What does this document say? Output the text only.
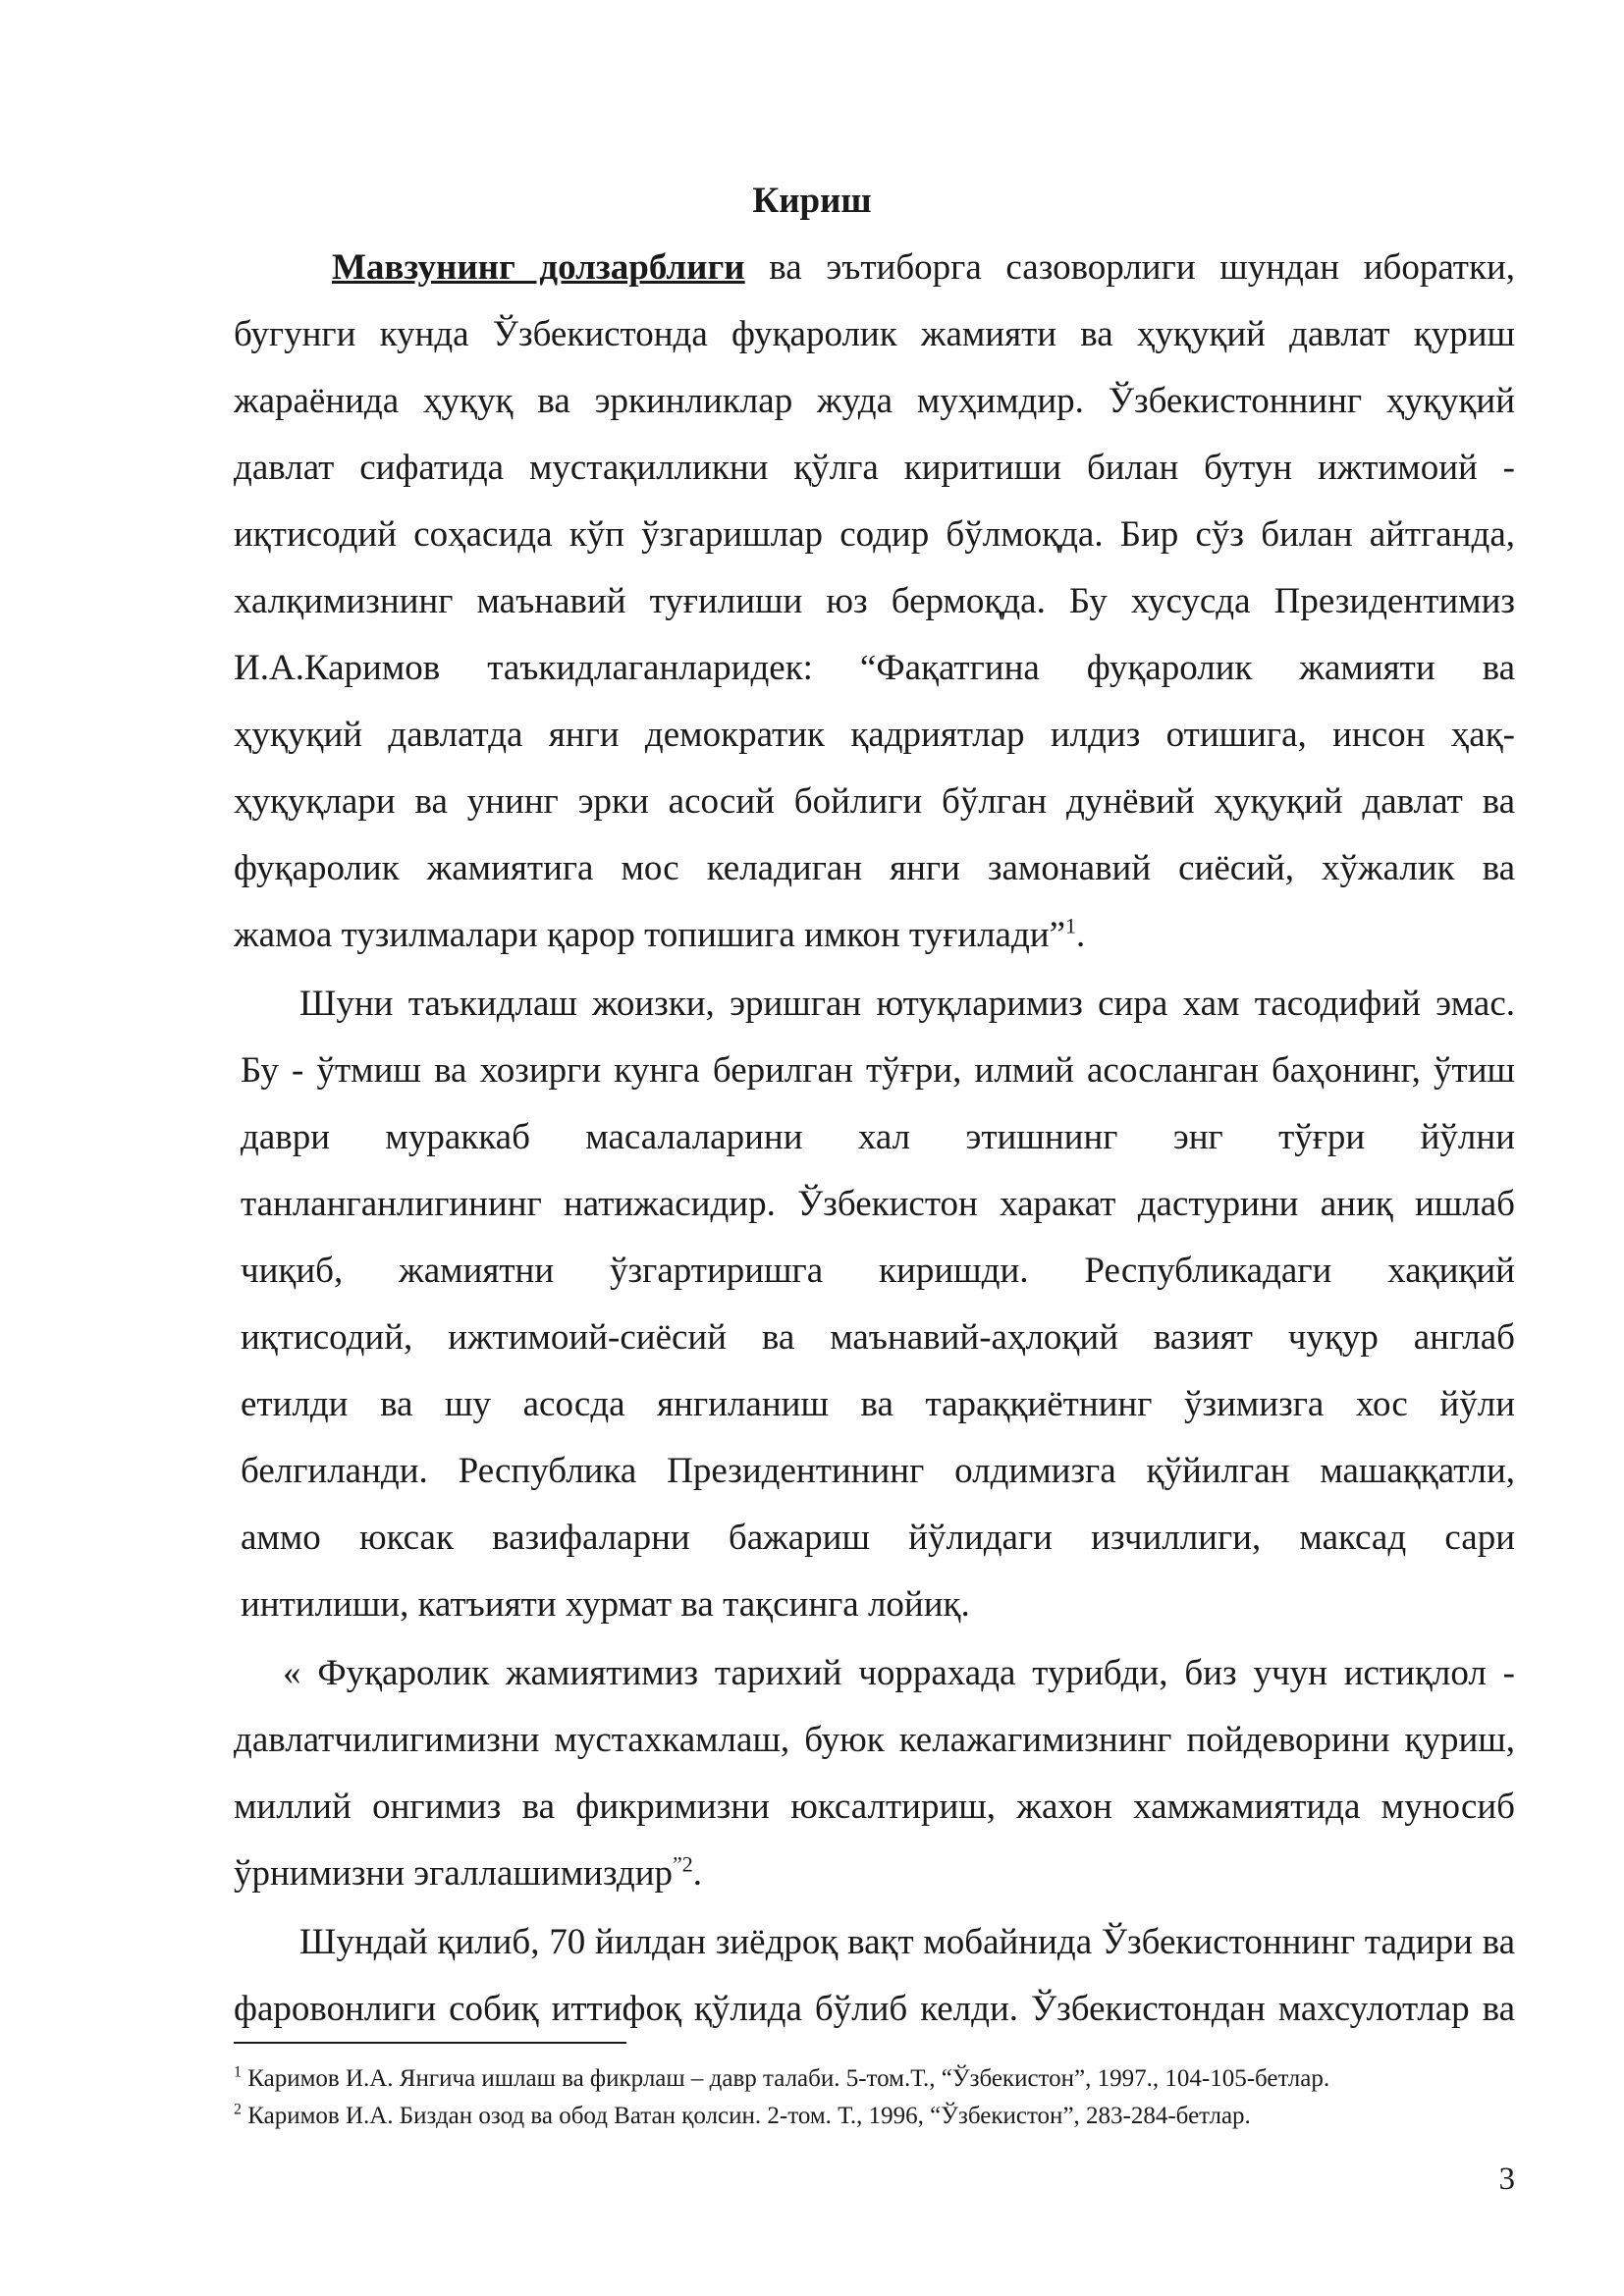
Кириш
Мавзунинг долзарблиги ва эътиборга сазоворлиги шундан иборатки,
бугунги кунда Ўзбекистонда фуқаролик жамияти ва ҳуқуқий давлат қуриш
жараёнида ҳуқуқ ва эркинликлар жуда муҳимдир. Ўзбекистоннинг ҳуқуқий
давлат сифатида мустақилликни қўлга киритиши билан бутун ижтимоий -
иқтисодий соҳасида кўп ўзгаришлар содир бўлмоқда. Бир сўз билан айтганда,
халқимизнинг маънавий туғилиши юз бермоқда. Бу хусусда Президентимиз
И.А.Каримов таъкидлаганларидек: “Фақатгина фуқаролик жамияти ва
ҳуқуқий давлатда янги демократик қадриятлар илдиз отишига, инсон ҳақ-
ҳуқуқлари ва унинг эрки асосий бойлиги бўлган дунёвий ҳуқуқий давлат ва
фуқаролик жамиятига мос келадиган янги замонавий сиёсий, хўжалик ва
жамоа тузилмалари қарор топишига имкон туғилади”$^1$.
Шуни таъкидлаш жоизки, эришган ютуқларимиз сира хам тасодифий эмас.
Бу - ўтмиш ва хозирги кунга берилган тўғри, илмий асосланган баҳонинг, ўтиш
даври мураккаб масалаларини хал этишнинг энг тўғри йўлни
танланганлигининг натижасидир. Ўзбекистон харакат дастурини аниқ ишлаб
чиқиб, жамиятни ўзгартиришга киришди. Республикадаги хақиқий
иқтисодий, ижтимоий-сиёсий ва маънавий-аҳлоқий вазият чуқур англаб
етилди ва шу асосда янгиланиш ва тараққиётнинг ўзимизга хос йўли
белгиланди. Республика Президентининг олдимизга қўйилган машаққатли,
аммо юксак вазифаларни бажариш йўлидаги изчиллиги, максад сари
интилиши, катъияти хурмат ва тақсинга лойиқ.
« Фуқаролик жамиятимиз тарихий чоррахада турибди, биз учун истиқлол -
давлатчилигимизни мустахкамлаш, буюк келажагимизнинг пойдеворини қуриш,
миллий онгимиз ва фикримизни юксалтириш, жахон хамжамиятида муносиб
ўрнимизни эгаллашимиздир$^{”2}$.
Шундай қилиб, 70 йилдан зиёдроқ вақт мобайнида Ўзбекистоннинг тадири ва
фаровонлиги собиқ иттифоқ қўлида бўлиб келди. Ўзбекистондан махсулотлар ва
$^1$ Каримов И.А. Янгича ишлаш ва фикрлаш – давр талаби. 5-том.Т., “Ўзбекистон”, 1997., 104-105-бетлар.
$^2$ Каримов И.А. Биздан озод ва обод Ватан қолсин. 2-том. Т., 1996, “Ўзбекистон”, 283-284-бетлар.
3
